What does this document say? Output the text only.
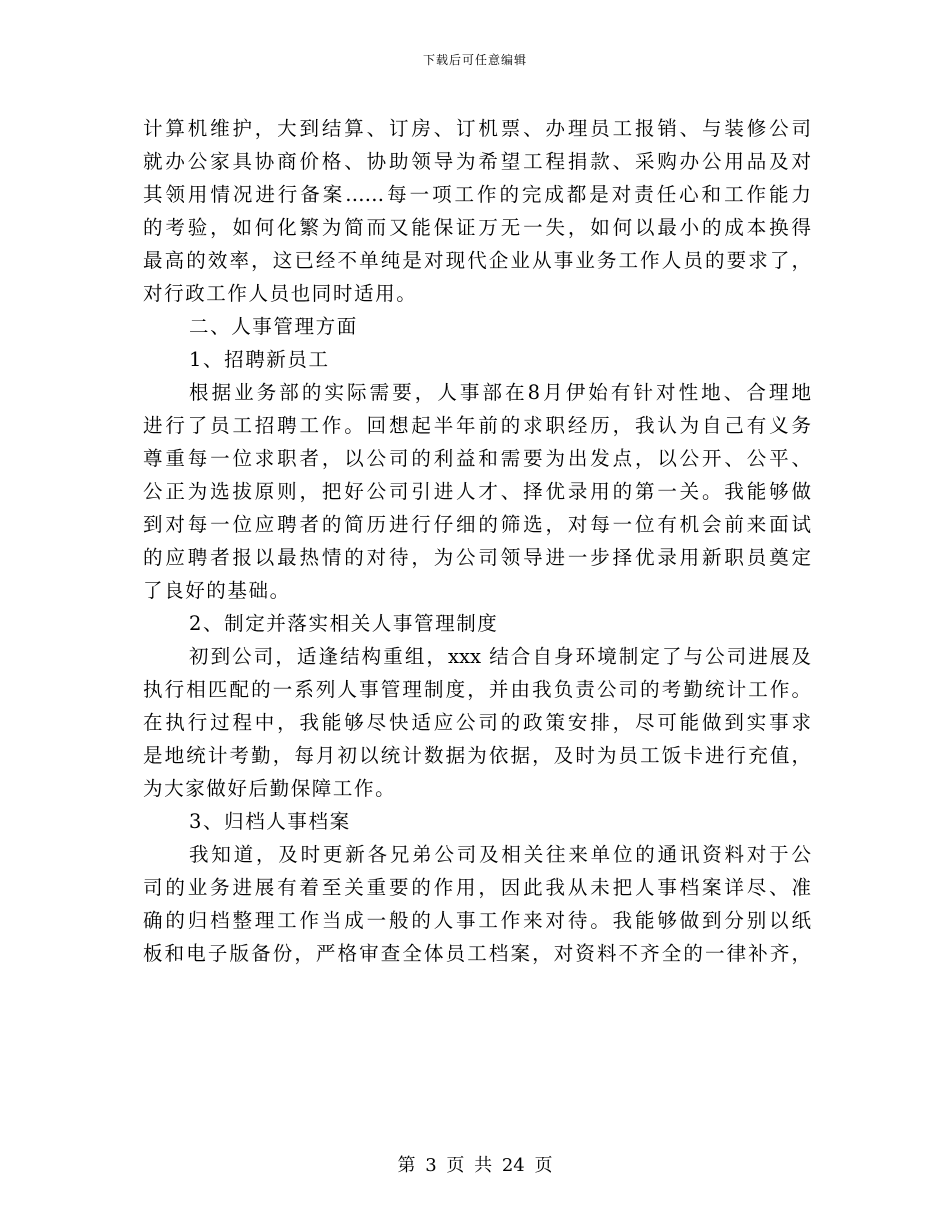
下载后可任意编辑
计算机维护，大到结算、订房、订机票、办理员工报销、与装修公司
就办公家具协商价格、协助领导为希望工程捐款、采购办公用品及对
其领用情况进行备案……每一项工作的完成都是对责任心和工作能力
的考验，如何化繁为简而又能保证万无一失，如何以最小的成本换得
最高的效率，这已经不单纯是对现代企业从事业务工作人员的要求了，
对行政工作人员也同时适用。
二、人事管理方面
1、招聘新员工
根据业务部的实际需要，人事部在8月伊始有针对性地、合理地
进行了员工招聘工作。回想起半年前的求职经历，我认为自己有义务
尊重每一位求职者，以公司的利益和需要为出发点，以公开、公平、
公正为选拔原则，把好公司引进人才、择优录用的第一关。我能够做
到对每一位应聘者的简历进行仔细的筛选，对每一位有机会前来面试
的应聘者报以最热情的对待，为公司领导进一步择优录用新职员奠定
了良好的基础。
2、制定并落实相关人事管理制度
初到公司，适逢结构重组，xxx 结合自身环境制定了与公司进展及
执行相匹配的一系列人事管理制度，并由我负责公司的考勤统计工作。
在执行过程中，我能够尽快适应公司的政策安排，尽可能做到实事求
是地统计考勤，每月初以统计数据为依据，及时为员工饭卡进行充值，
为大家做好后勤保障工作。
3、归档人事档案
我知道，及时更新各兄弟公司及相关往来单位的通讯资料对于公
司的业务进展有着至关重要的作用，因此我从未把人事档案详尽、准
确的归档整理工作当成一般的人事工作来对待。我能够做到分别以纸
板和电子版备份，严格审查全体员工档案，对资料不齐全的一律补齐，
第 3 页 共 24 页
